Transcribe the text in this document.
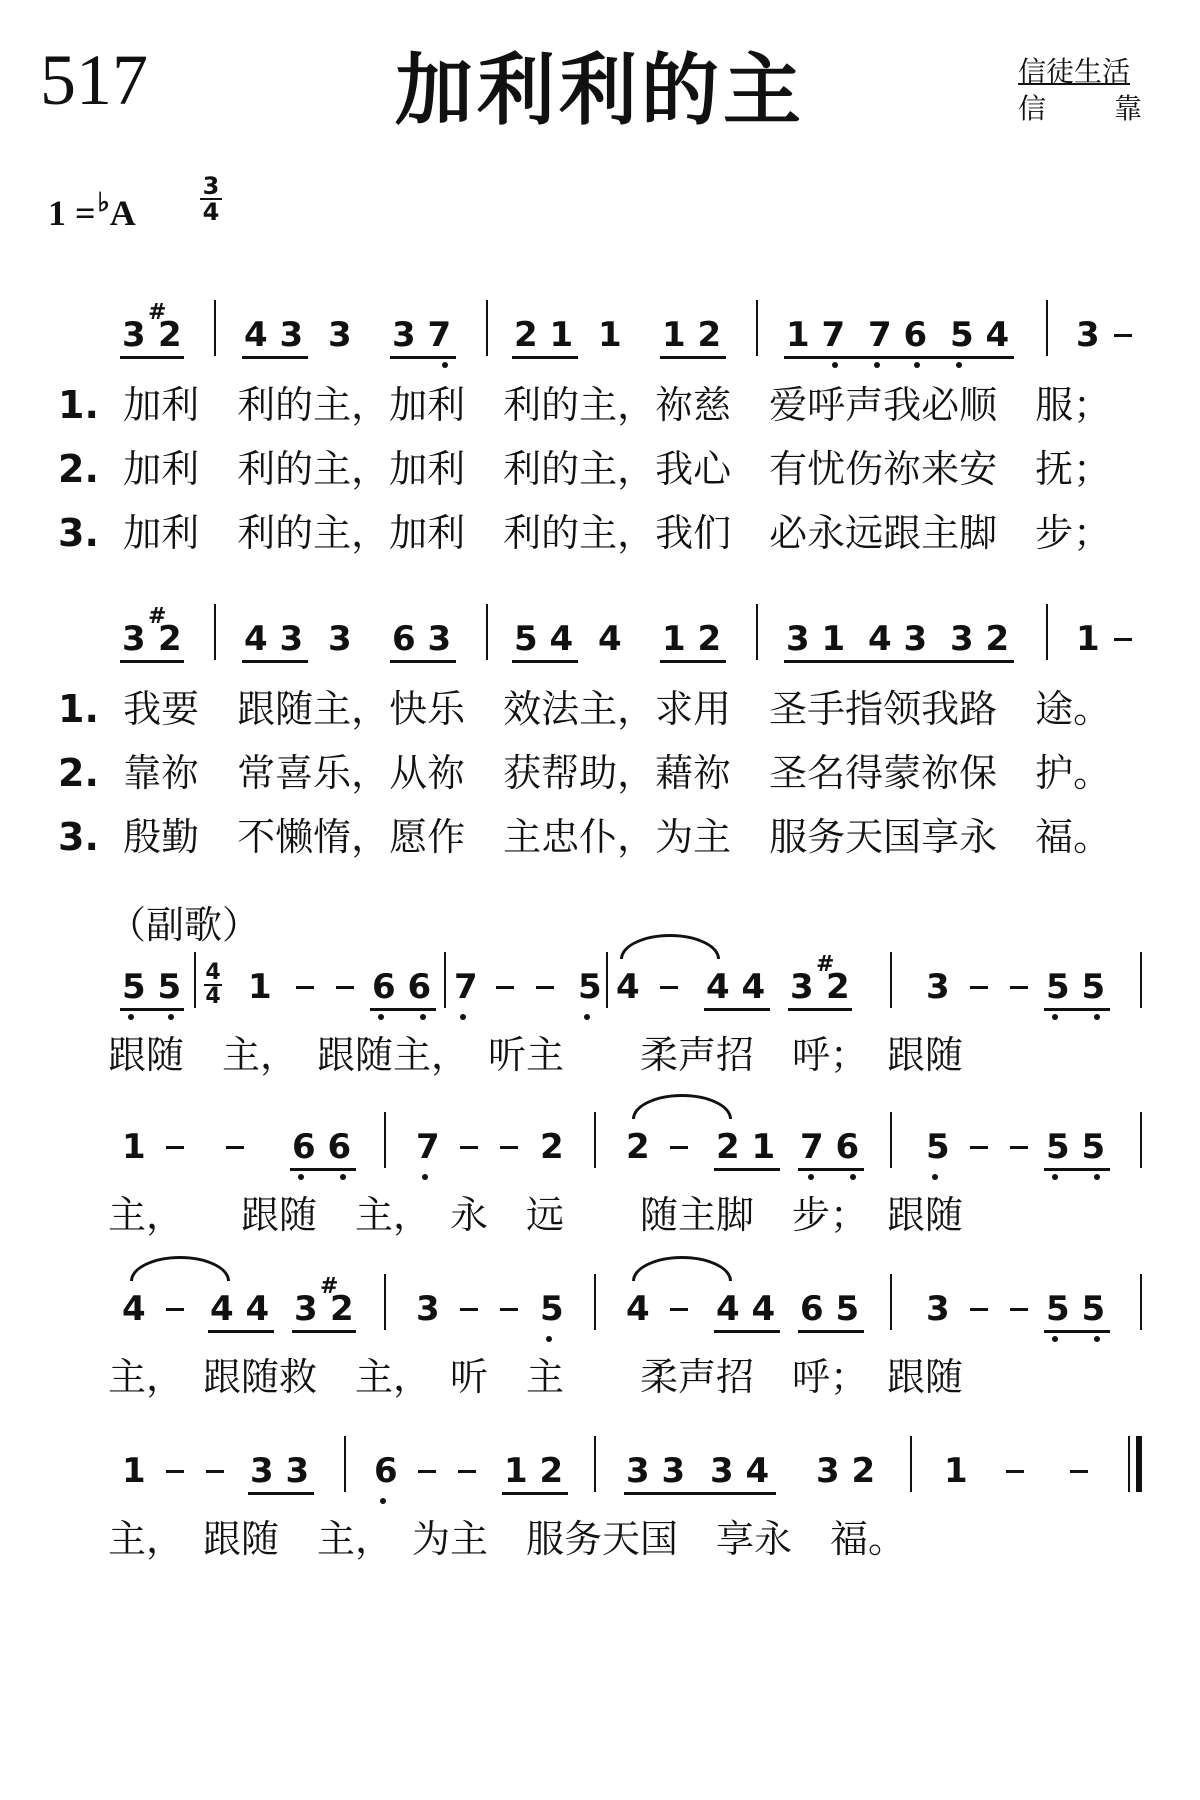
517	加利利的主	信徒生活
信 靠
1 =♭A
3
4
3
#
2 4 3 3 3 7 2 1 1 1 2 1 7 7 6 5 4 3
1. 加利　利的主，加利　利的主，祢慈　爱呼声我必顺　服；
2. 加利　利的主，加利　利的主，我心　有忧伤祢来安　抚；
3. 加利　利的主，加利　利的主，我们　必永远跟主脚　步；
3
#
2 4 3 3 6 3 5 4 4 1 2 3 1 4 3 3 2 1
1. 我要　跟随主，快乐　效法主，求用　圣手指领我路　途。
2. 靠祢　常喜乐，从祢　获帮助，藉祢　圣名得蒙祢保　护。
3. 殷勤　不懒惰，愿作　主忠仆，为主　服务天国享永　福。
（副歌）
5 5 4
4 1	6 6 7	5 4 4 4 3
#
2 3	5 5
跟随　主，　跟随主，　听主　　柔声招　呼；　跟随
1	6 6 7	2 2 2 1 7 6 5	5 5
主，　　跟随　主，　永　远　　随主脚　步；　跟随
4 4 4 3
#
2 3	5 4 4 4 6 5 3	5 5
主，　跟随救　主，　听　主　　柔声招　呼；　跟随
1	3 3 6	1 2 3 3 3 4 3 2 1
主，　跟随　主，　为主　服务天国　享永　福。
